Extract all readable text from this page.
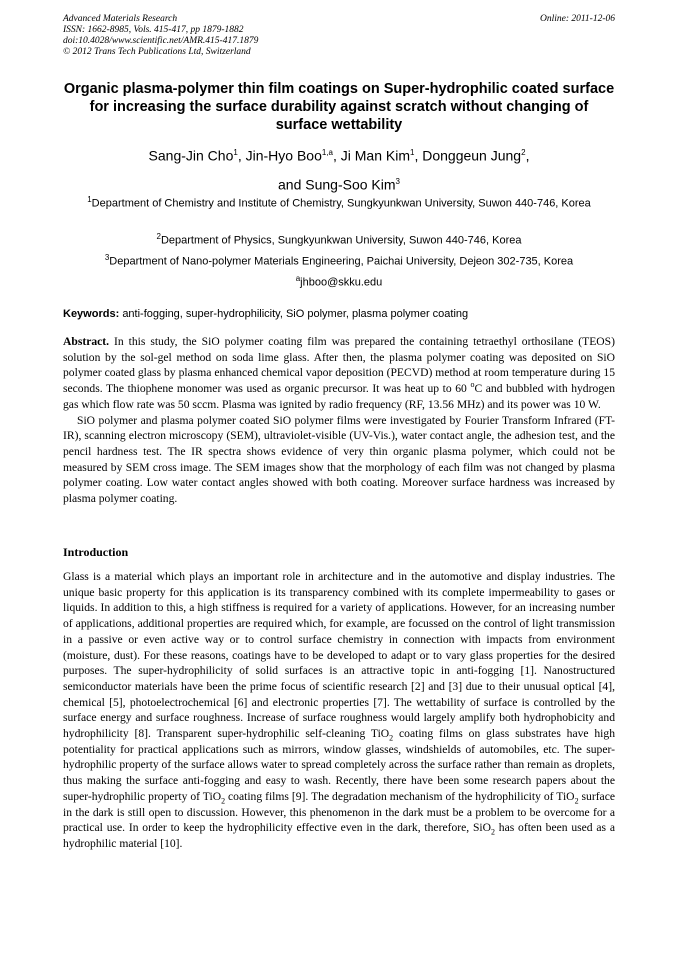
Advanced Materials Research
ISSN: 1662-8985, Vols. 415-417, pp 1879-1882
doi:10.4028/www.scientific.net/AMR.415-417.1879
© 2012 Trans Tech Publications Ltd, Switzerland
Online: 2011-12-06
Organic plasma-polymer thin film coatings on Super-hydrophilic coated surface for increasing the surface durability against scratch without changing of surface wettability
Sang-Jin Cho$^1$, Jin-Hyo Boo$^{1,a}$, Ji Man Kim$^1$, Donggeun Jung$^2$,
and Sung-Soo Kim$^3$
$^1$Department of Chemistry and Institute of Chemistry, Sungkyunkwan University, Suwon 440-746, Korea
$^2$Department of Physics, Sungkyunkwan University, Suwon 440-746, Korea
$^3$Department of Nano-polymer Materials Engineering, Paichai University, Dejeon 302-735, Korea
$^a$jhboo@skku.edu
Keywords: anti-fogging, super-hydrophilicity, SiO polymer, plasma polymer coating

Abstract. In this study, the SiO polymer coating film was prepared the containing tetraethyl orthosilane (TEOS) solution by the sol-gel method on soda lime glass. After then, the plasma polymer coating was deposited on SiO polymer coated glass by plasma enhanced chemical vapor deposition (PECVD) method at room temperature during 15 seconds. The thiophene monomer was used as organic precursor. It was heat up to 60 $^o$C and bubbled with hydrogen gas which flow rate was 50 sccm. Plasma was ignited by radio frequency (RF, 13.56 MHz) and its power was 10 W.

SiO polymer and plasma polymer coated SiO polymer films were investigated by Fourier Transform Infrared (FT-IR), scanning electron microscopy (SEM), ultraviolet-visible (UV-Vis.), water contact angle, the adhesion test, and the pencil hardness test. The IR spectra shows evidence of very thin organic plasma polymer, which could not be measured by SEM cross image. The SEM images show that the morphology of each film was not changed by plasma polymer coating. Low water contact angles showed with both coating. Moreover surface hardness was increased by plasma polymer coating.

Introduction

Glass is a material which plays an important role in architecture and in the automotive and display industries. The unique basic property for this application is its transparency combined with its complete impermeability to gases or liquids. In addition to this, a high stiffness is required for a variety of applications. However, for an increasing number of applications, additional properties are required which, for example, are focussed on the control of light transmission in a passive or even active way or to control surface chemistry in connection with impacts from environment (moisture, dust). For these reasons, coatings have to be developed to adapt or to vary glass properties for the desired purposes. The super-hydrophilicity of solid surfaces is an attractive topic in anti-fogging [1]. Nanostructured semiconductor materials have been the prime focus of scientific research [2] and [3] due to their unusual optical [4], chemical [5], photoelectrochemical [6] and electronic properties [7]. The wettability of surface is controlled by the surface energy and surface roughness. Increase of surface roughness would largely amplify both hydrophobicity and hydrophilicity [8]. Transparent super-hydrophilic self-cleaning TiO$_2$ coating films on glass substrates have high potentiality for practical applications such as mirrors, window glasses, windshields of automobiles, etc. The super-hydrophilic property of the surface allows water to spread completely across the surface rather than remain as droplets, thus making the surface anti-fogging and easy to wash. Recently, there have been some research papers about the super-hydrophilic property of TiO$_2$ coating films [9]. The degradation mechanism of the hydrophilicity of TiO$_2$ surface in the dark is still open to discussion. However, this phenomenon in the dark must be a problem to be overcome for a practical use. In order to keep the hydrophilicity effective even in the dark, therefore, SiO$_2$ has often been used as a hydrophilic material [10].
